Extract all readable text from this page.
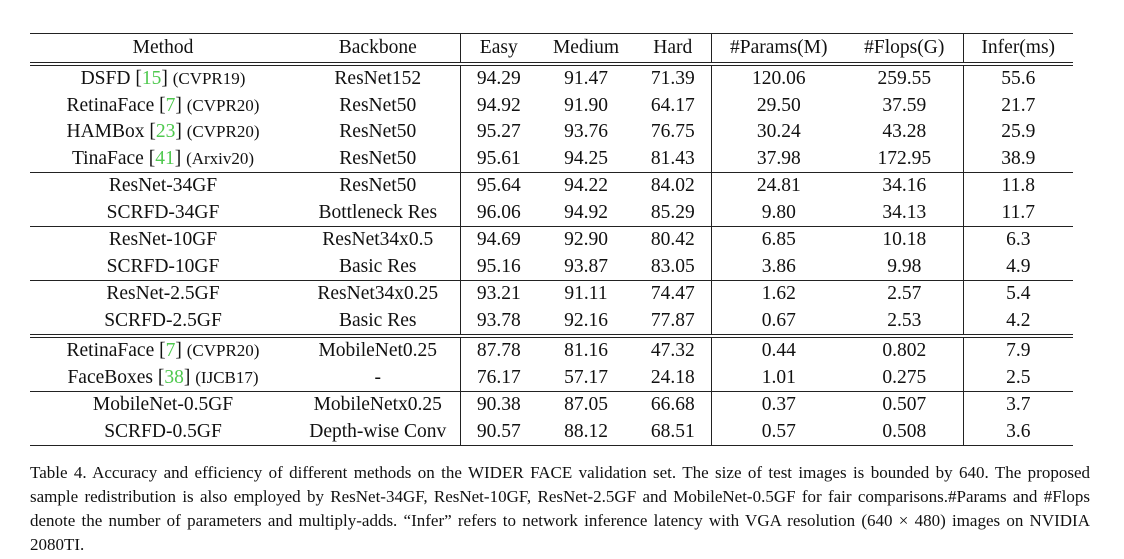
Method	Backbone	Easy	Medium	Hard	#Params(M)	#Flops(G)	Infer(ms)
DSFD [15] (CVPR19)	ResNet152	94.29	91.47	71.39	120.06	259.55	55.6
RetinaFace [7] (CVPR20)	ResNet50	94.92	91.90	64.17	29.50	37.59	21.7
HAMBox [23] (CVPR20)	ResNet50	95.27	93.76	76.75	30.24	43.28	25.9
TinaFace [41] (Arxiv20)	ResNet50	95.61	94.25	81.43	37.98	172.95	38.9
ResNet-34GF	ResNet50	95.64	94.22	84.02	24.81	34.16	11.8
SCRFD-34GF	Bottleneck Res	96.06	94.92	85.29	9.80	34.13	11.7
ResNet-10GF	ResNet34x0.5	94.69	92.90	80.42	6.85	10.18	6.3
SCRFD-10GF	Basic Res	95.16	93.87	83.05	3.86	9.98	4.9
ResNet-2.5GF	ResNet34x0.25	93.21	91.11	74.47	1.62	2.57	5.4
SCRFD-2.5GF	Basic Res	93.78	92.16	77.87	0.67	2.53	4.2
RetinaFace [7] (CVPR20)	MobileNet0.25	87.78	81.16	47.32	0.44	0.802	7.9
FaceBoxes [38] (IJCB17)	-	76.17	57.17	24.18	1.01	0.275	2.5
MobileNet-0.5GF	MobileNetx0.25	90.38	87.05	66.68	0.37	0.507	3.7
SCRFD-0.5GF	Depth-wise Conv	90.57	88.12	68.51	0.57	0.508	3.6
Table 4. Accuracy and efficiency of different methods on the WIDER FACE validation set. The size of test images is bounded by 640. The proposed sample redistribution is also employed by ResNet-34GF, ResNet-10GF, ResNet-2.5GF and MobileNet-0.5GF for fair comparisons.#Params and #Flops denote the number of parameters and multiply-adds. “Infer” refers to network inference latency with VGA resolution (640 × 480) images on NVIDIA 2080TI.
